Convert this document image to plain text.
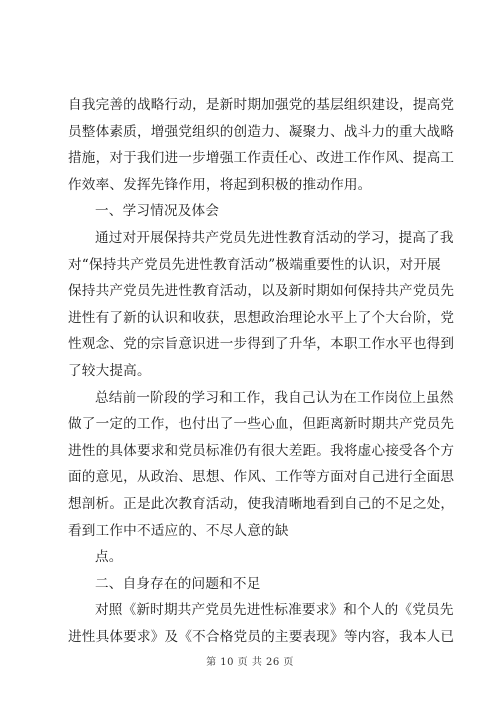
自我完善的战略行动，是新时期加强党的基层组织建设，提高党
员整体素质，增强党组织的创造力、凝聚力、战斗力的重大战略
措施，对于我们进一步增强工作责任心、改进工作作风、提高工
作效率、发挥先锋作用，将起到积极的推动作用。
一、学习情况及体会
通过对开展保持共产党员先进性教育活动的学习，提高了我
对“保持共产党员先进性教育活动”极端重要性的认识，对开展
保持共产党员先进性教育活动，以及新时期如何保持共产党员先
进性有了新的认识和收获，思想政治理论水平上了个大台阶，党
性观念、党的宗旨意识进一步得到了升华，本职工作水平也得到
了较大提高。
总结前一阶段的学习和工作，我自己认为在工作岗位上虽然
做了一定的工作，也付出了一些心血，但距离新时期共产党员先
进性的具体要求和党员标准仍有很大差距。我将虚心接受各个方
面的意见，从政治、思想、作风、工作等方面对自己进行全面思
想剖析。正是此次教育活动，使我清晰地看到自己的不足之处，
看到工作中不适应的、不尽人意的缺
点。
二、自身存在的问题和不足
对照《新时期共产党员先进性标准要求》和个人的《党员先
进性具体要求》及《不合格党员的主要表现》等内容，我本人已
第 10 页 共 26 页
